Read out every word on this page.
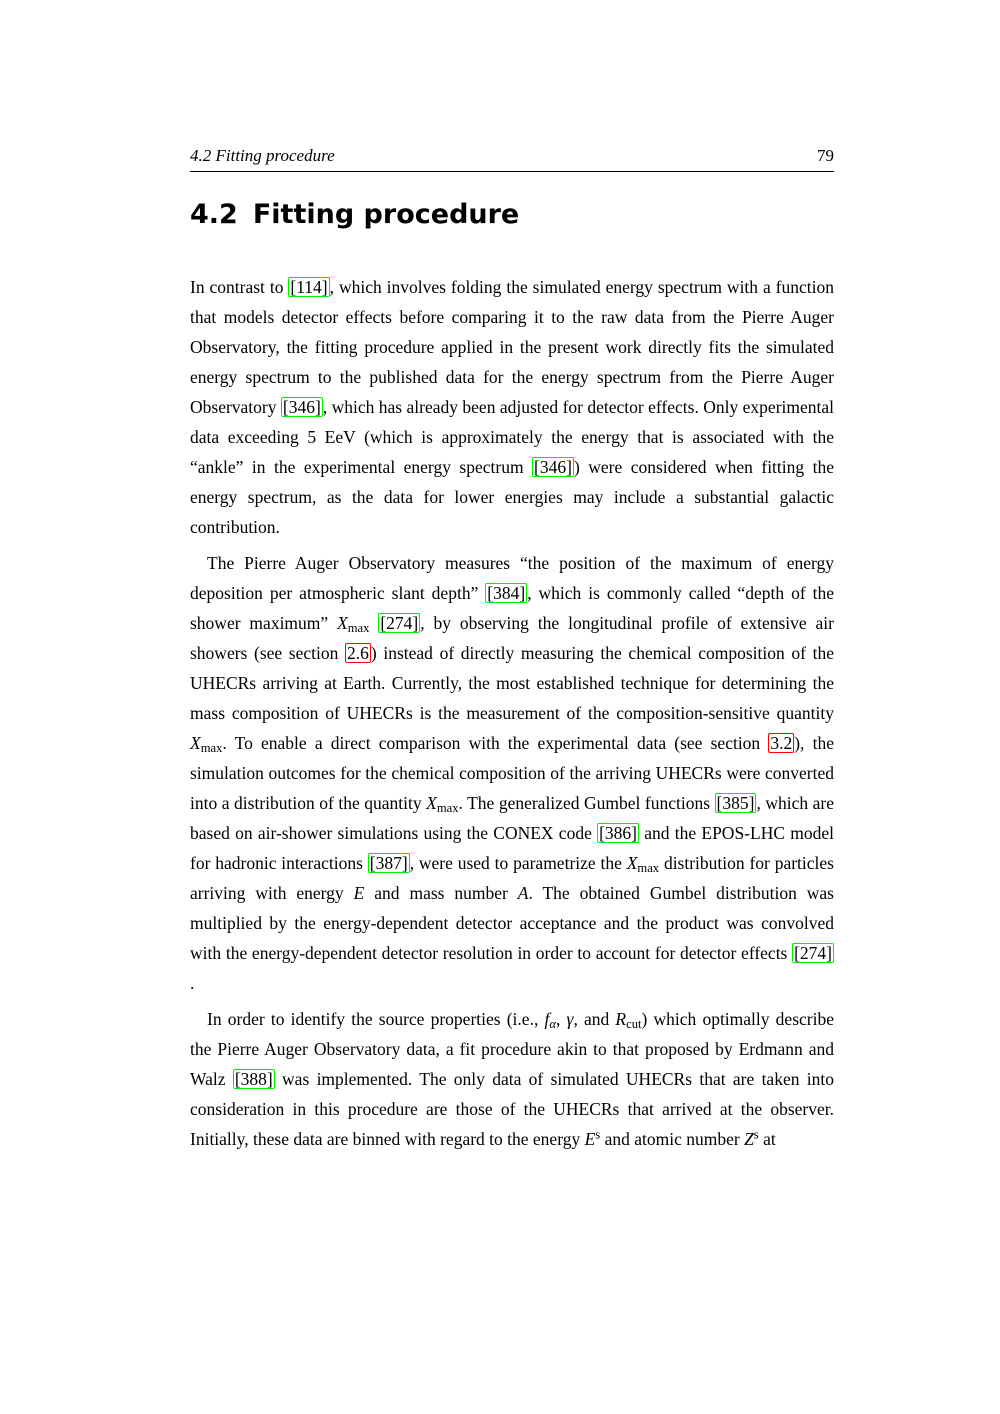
4.2 Fitting procedure	79
4.2 Fitting procedure

In contrast to [114] , which involves folding the simulated energy spectrum with a function that models detector effects before comparing it to the raw data from the Pierre Auger Observatory, the fitting procedure applied in the present work directly fits the simulated energy spectrum to the published data for the energy spectrum from the Pierre Auger Observatory [346] , which has already been adjusted for detector effects. Only experimental data exceeding 5 EeV (which is approximately the energy that is associated with the “ankle” in the experimental energy spectrum [346] ) were considered when fitting the energy spectrum, as the data for lower energies may include a substantial galactic contribution.

The Pierre Auger Observatory measures “the position of the maximum of energy deposition per atmospheric slant depth” [384] , which is commonly called “depth of the shower maximum” $X_{max}$ [274] , by observing the longitudinal profile of extensive air showers (see section 2.6 ) instead of directly measuring the chemical composition of the UHECRs arriving at Earth. Currently, the most established technique for determining the mass composition of UHECRs is the measurement of the composition-sensitive quantity $X_{max}$. To enable a direct comparison with the experimental data (see section 3.2 ), the simulation outcomes for the chemical composition of the arriving UHECRs were converted into a distribution of the quantity $X_{max}$. The generalized Gumbel functions [385] , which are based on air-shower simulations using the CONEX code [386] and the EPOS-LHC model for hadronic interactions [387] , were used to parametrize the $X_{max}$ distribution for particles arriving with energy E and mass number A. The obtained Gumbel distribution was multiplied by the energy-dependent detector acceptance and the product was convolved with the energy-dependent detector resolution in order to account for detector effects [274].

In order to identify the source properties (i.e., fα, γ, and $R_{cut}$) which optimally describe the Pierre Auger Observatory data, a fit procedure akin to that proposed by Erdmann and Walz [388] was implemented. The only data of simulated UHECRs that are taken into consideration in this procedure are those of the UHECRs that arrived at the observer. Initially, these data are binned with regard to the energy $E^s$ and atomic number $Z^s$ at
